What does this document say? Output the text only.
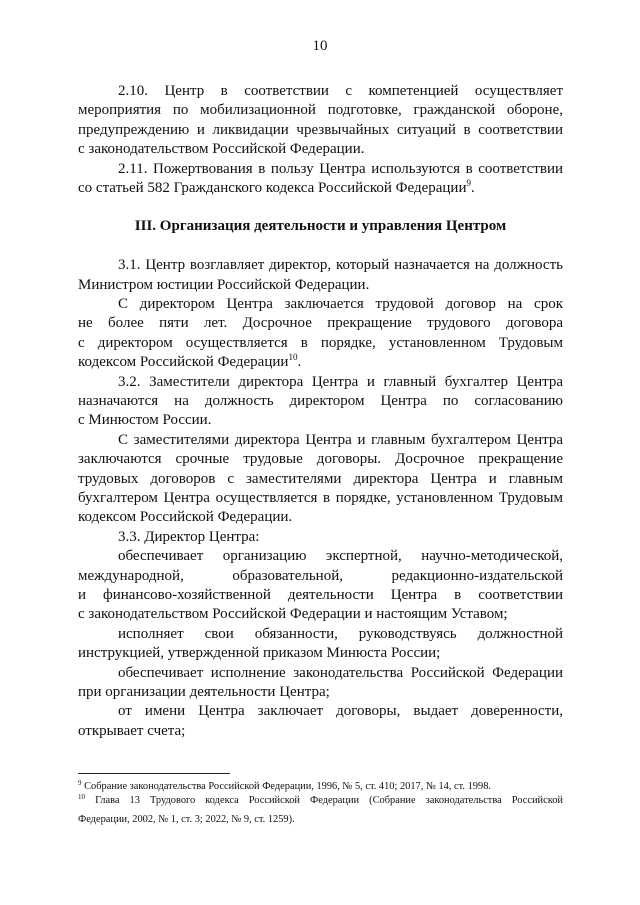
10
2.10. Центр в соответствии с компетенцией осуществляет
мероприятия по мобилизационной подготовке, гражданской обороне,
предупреждению и ликвидации чрезвычайных ситуаций в соответствии
с законодательством Российской Федерации.
2.11. Пожертвования в пользу Центра используются в соответствии
со статьей 582 Гражданского кодекса Российской Федерации$^9$.
III. Организация деятельности и управления Центром
3.1. Центр возглавляет директор, который назначается на должность
Министром юстиции Российской Федерации.
С директором Центра заключается трудовой договор на срок
не более пяти лет. Досрочное прекращение трудового договора
с директором осуществляется в порядке, установленном Трудовым
кодексом Российской Федерации$^{10}$.
3.2. Заместители директора Центра и главный бухгалтер Центра
назначаются на должность директором Центра по согласованию
с Минюстом России.
С заместителями директора Центра и главным бухгалтером Центра
заключаются срочные трудовые договоры. Досрочное прекращение
трудовых договоров с заместителями директора Центра и главным
бухгалтером Центра осуществляется в порядке, установленном Трудовым
кодексом Российской Федерации.
3.3. Директор Центра:
обеспечивает организацию экспертной, научно-методической,
международной, образовательной, редакционно-издательской
и финансово-хозяйственной деятельности Центра в соответствии
с законодательством Российской Федерации и настоящим Уставом;
исполняет свои обязанности, руководствуясь должностной
инструкцией, утвержденной приказом Минюста России;
обеспечивает исполнение законодательства Российской Федерации
при организации деятельности Центра;
от имени Центра заключает договоры, выдает доверенности,
открывает счета;
$^9$ Собрание законодательства Российской Федерации, 1996, № 5, ст. 410; 2017, № 14, ст. 1998.
$^{10}$ Глава 13 Трудового кодекса Российской Федерации (Собрание законодательства Российской
Федерации, 2002, № 1, ст. 3; 2022, № 9, ст. 1259).
